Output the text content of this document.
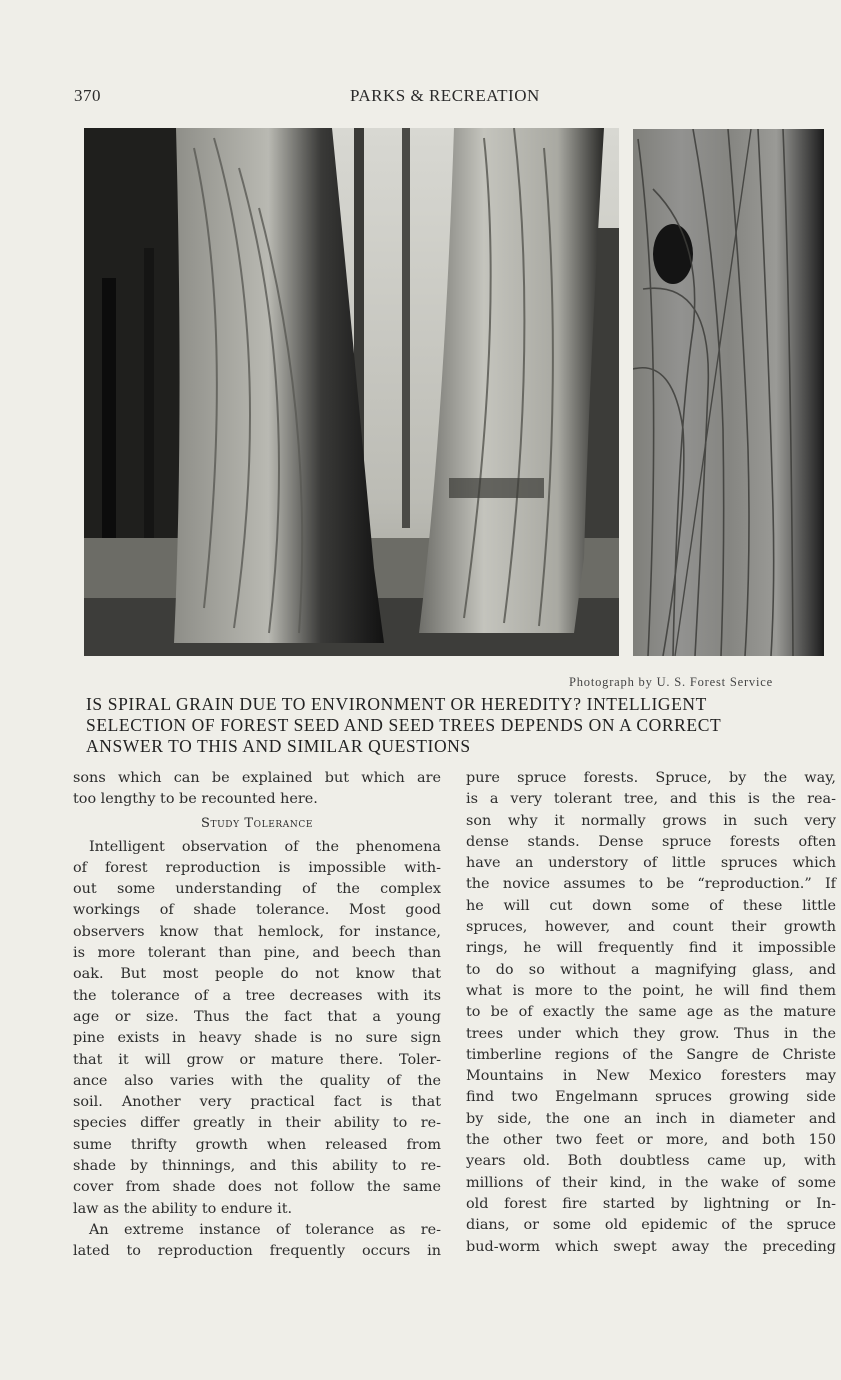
370	PARKS & RECREATION
Photograph by U. S. Forest Service
IS SPIRAL GRAIN DUE TO ENVIRONMENT OR HEREDITY? INTELLIGENT
SELECTION OF FOREST SEED AND SEED TREES DEPENDS ON A CORRECT
ANSWER TO THIS AND SIMILAR QUESTIONS
sons which can be explained but which are
too lengthy to be recounted here.
Study Tolerance
Intelligent observation of the phenomena
of forest reproduction is impossible with-
out some understanding of the complex
workings of shade tolerance. Most good
observers know that hemlock, for instance,
is more tolerant than pine, and beech than
oak. But most people do not know that
the tolerance of a tree decreases with its
age or size. Thus the fact that a young
pine exists in heavy shade is no sure sign
that it will grow or mature there. Toler-
ance also varies with the quality of the
soil. Another very practical fact is that
species differ greatly in their ability to re-
sume thrifty growth when released from
shade by thinnings, and this ability to re-
cover from shade does not follow the same
law as the ability to endure it.
An extreme instance of tolerance as re-
lated to reproduction frequently occurs in
pure spruce forests. Spruce, by the way,
is a very tolerant tree, and this is the rea-
son why it normally grows in such very
dense stands. Dense spruce forests often
have an understory of little spruces which
the novice assumes to be “reproduction.” If
he will cut down some of these little
spruces, however, and count their growth
rings, he will frequently find it impossible
to do so without a magnifying glass, and
what is more to the point, he will find them
to be of exactly the same age as the mature
trees under which they grow. Thus in the
timberline regions of the Sangre de Christe
Mountains in New Mexico foresters may
find two Engelmann spruces growing side
by side, the one an inch in diameter and
the other two feet or more, and both 150
years old. Both doubtless came up, with
millions of their kind, in the wake of some
old forest fire started by lightning or In-
dians, or some old epidemic of the spruce
bud-worm which swept away the preceding
